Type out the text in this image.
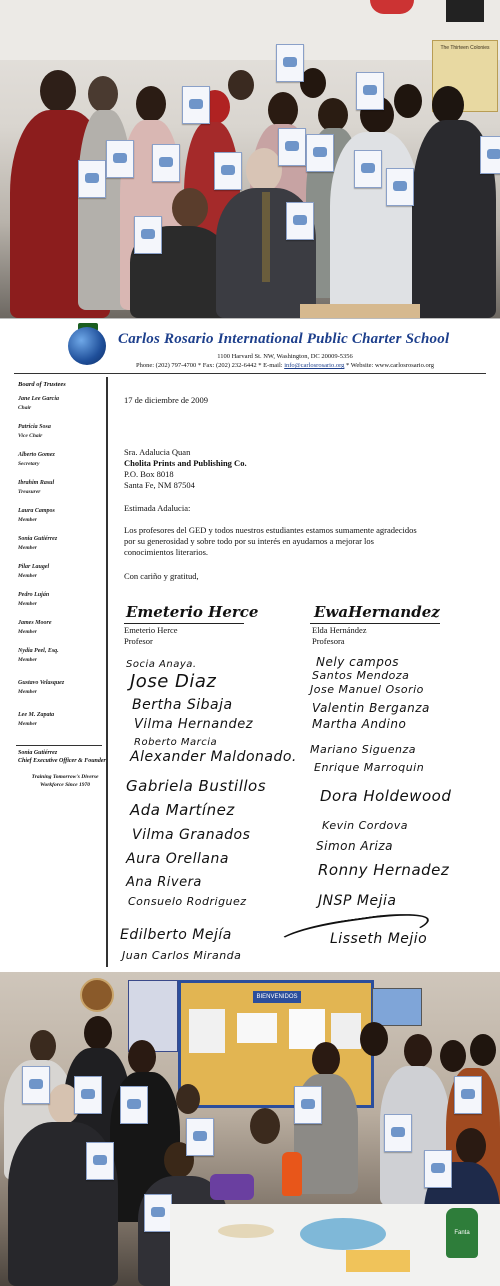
The Thirteen Colonies
Carlos Rosario International Public Charter School
1100 Harvard St. NW, Washington, DC 20009-5356
Phone: (202) 797-4700 * Fax: (202) 232-6442 * E-mail: info@carlosrosario.org * Website: www.carlosrosario.org
Board of Trustees
Jane Lee Garcia
Chair
Patricia Sosa
Vice Chair
Alberto Gomez
Secretary
Ibrahim Rasul
Treasurer
Laura Campos
Member
Sonia Gutiérrez
Member
Pilar Laugel
Member
Pedro Luján
Member
James Moore
Member
Nydia Peel, Esq.
Member
Gustavo Velasquez
Member
Lee M. Zapata
Member
Sonia Gutiérrez
Chief Executive Officer & Founder
Training Tomorrow's Diverse Workforce Since 1970
17 de diciembre de 2009
Sra. Adalucia Quan
Cholita Prints and Publishing Co.
P.O. Box 8018
Santa Fe, NM 87504
Estimada Adalucia:
Los profesores del GED y todos nuestros estudiantes estamos sumamente agradecidos
por su generosidad y sobre todo por su interés en ayudarnos a mejorar los
conocimientos literarios.
Con cariño y gratitud,
Emeterio Herce
Emeterio Herce
Profesor
EwaHernandez
Elda Hernández
Profesora
Socia Anaya.
Jose Diaz
Bertha Sibaja
Vilma Hernandez
Roberto Marcia
Alexander Maldonado.
Gabriela Bustillos
Ada Martínez
Vilma Granados
Aura Orellana
Ana Rivera
Consuelo Rodriguez
Edilberto Mejía
Juan Carlos Miranda
Nely campos
Santos Mendoza
Jose Manuel Osorio
Valentin Berganza
Martha Andino
Mariano Siguenza
Enrique Marroquin
Dora Holdewood
Kevin Cordova
Simon Ariza
Ronny Hernadez
JNSP Mejia
Lisseth Mejio
BIENVENIDOS
Fanta
